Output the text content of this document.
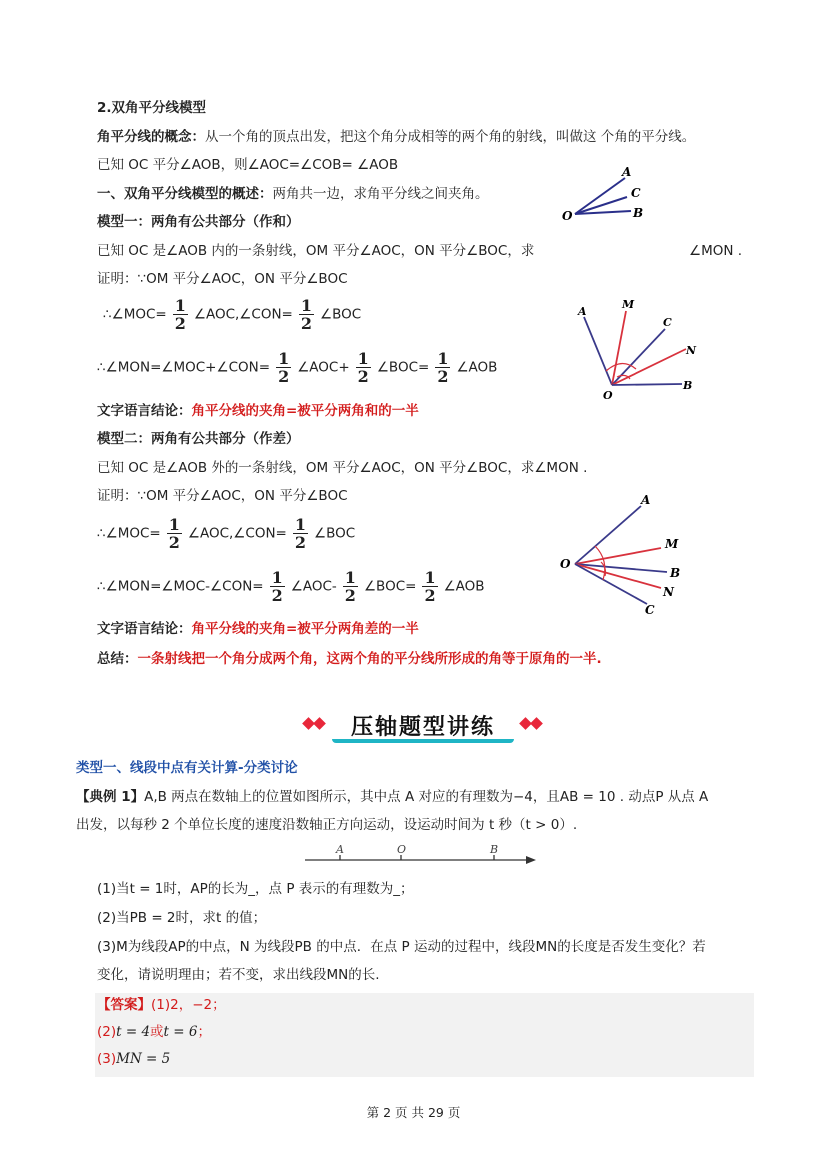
2.双角平分线模型
角平分线的概念：从一个角的顶点出发，把这个角分成相等的两个角的射线，叫做这 个角的平分线。
已知 OC 平分∠AOB，则∠AOC=∠COB= ∠AOB
一、双角平分线模型的概述：两角共一边，求角平分线之间夹角。
A
C
O	B
模型一：两角有公共部分（作和）
已知 OC 是∠AOB 内的一条射线，OM 平分∠AOC，ON 平分∠BOC，求	∠MON .
证明：∵OM 平分∠AOC，ON 平分∠BOC
∴∠MOC= $\frac{1}{2}$ ∠AOC,∠CON= $\frac{1}{2}$ ∠BOC
∴∠MON=∠MOC+∠CON= $\frac{1}{2}$ ∠AOC+ $\frac{1}{2}$ ∠BOC= $\frac{1}{2}$ ∠AOB
文字语言结论：角平分线的夹角=被平分两角和的一半
A
M
C
N
O
B
模型二：两角有公共部分（作差）
已知 OC 是∠AOB 外的一条射线，OM 平分∠AOC，ON 平分∠BOC，求∠MON .
证明：∵OM 平分∠AOC，ON 平分∠BOC
∴∠MOC= $\frac{1}{2}$ ∠AOC,∠CON= $\frac{1}{2}$ ∠BOC
∴∠MON=∠MOC-∠CON= $\frac{1}{2}$ ∠AOC- $\frac{1}{2}$ ∠BOC= $\frac{1}{2}$ ∠AOB
文字语言结论：角平分线的夹角=被平分两角差的一半
总结：一条射线把一个角分成两个角，这两个角的平分线所形成的角等于原角的一半.
A
M
O
B
N
C
压轴题型讲练
类型一、线段中点有关计算-分类讨论
【典例 1】A,B 两点在数轴上的位置如图所示，其中点 A 对应的有理数为−4，且AB = 10 . 动点P 从点 A
出发，以每秒 2 个单位长度的速度沿数轴正方向运动，设运动时间为 t 秒（t > 0）.
A	O	B
(1)当t = 1时，AP的长为_，点 P 表示的有理数为_；
(2)当PB = 2时，求t 的值；
(3)M为线段AP的中点，N 为线段PB 的中点．在点 P 运动的过程中，线段MN的长度是否发生变化？若
变化，请说明理由；若不变，求出线段MN的长.
【答案】(1)2，−2；
(2)t = 4或t = 6；
(3)MN = 5
第 2 页 共 29 页
